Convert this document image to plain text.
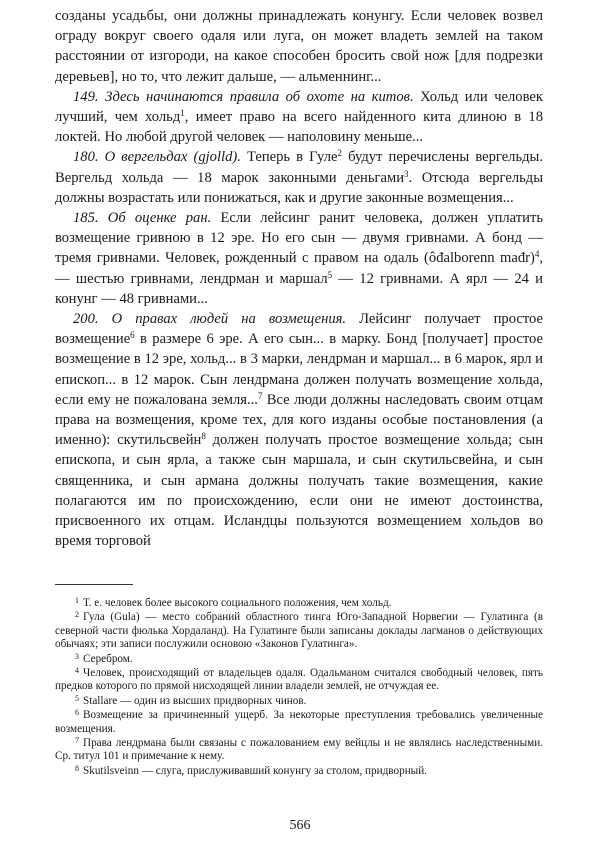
созданы усадьбы, они должны принадлежать конунгу. Если человек возвел ограду вокруг своего одаля или луга, он может владеть землей на таком расстоянии от изгороди, на какое способен бросить свой нож [для подрезки деревьев], но то, что лежит дальше, — альменнинг...

149. Здесь начинаются правила об охоте на китов. Хольд или человек лучший, чем хольд$^1$, имеет право на всего найденного кита длиною в 18 локтей. Но любой другой человек — наполовину меньше...

180. О вергельдах (gjolld). Теперь в Гуле$^2$ будут перечислены вергельды. Вергельд хольда — 18 марок законными деньгами$^3$. Отсюда вергельды должны возрастать или понижаться, как и другие законные возмещения...

185. Об оценке ран. Если лейсинг ранит человека, должен уплатить возмещение гривною в 12 эре. Но его сын — двумя гривнами. А бонд — тремя гривнами. Человек, рожденный с правом на одаль (ôđalborenn mađr)$^4$, — шестью гривнами, лендрман и маршал$^5$ — 12 гривнами. А ярл — 24 и конунг — 48 гривнами...

200. О правах людей на возмещения. Лейсинг получает простое возмещение$^6$ в размере 6 эре. А его сын... в марку. Бонд [получает] простое возмещение в 12 эре, хольд... в 3 марки, лендрман и маршал... в 6 марок, ярл и епископ... в 12 марок. Сын лендрмана должен получать возмещение хольда, если ему не пожалована земля...$^7$ Все люди должны наследовать своим отцам права на возмещения, кроме тех, для кого изданы особые постановления (а именно): скутильсвейн$^8$ должен получать простое возмещение хольда; сын епископа, и сын ярла, а также сын маршала, и сын скутильсвейна, и сын священника, и сын армана должны получать такие возмещения, какие полагаются им по происхождению, если они не имеют достоинства, присвоенного их отцам. Исландцы пользуются возмещением хольдов во время торговой

$^1$ Т. е. человек более высокого социального положения, чем хольд.

$^2$ Гула (Gula) — место собраний областного тинга Юго-Западной Норвегии — Гулатинга (в северной части фюлька Хордаланд). На Гулатинге были записаны доклады лагманов о действующих обычаях; эти записи послужили основою «Законов Гулатинга».

$^3$ Серебром.

$^4$ Человек, происходящий от владельцев одаля. Одальманом считался свободный человек, пять предков которого по прямой нисходящей линии владели землей, не отчуждая ее.

$^5$ Stallare — один из высших придворных чинов.

$^6$ Возмещение за причиненный ущерб. За некоторые преступления требовались увеличенные возмещения.

$^7$ Права лендрмана были связаны с пожалованием ему вейцлы и не являлись наследственными. Ср. титул 101 и примечание к нему.

$^8$ Skutilsveinn — слуга, прислуживавший конунгу за столом, придворный.

566
